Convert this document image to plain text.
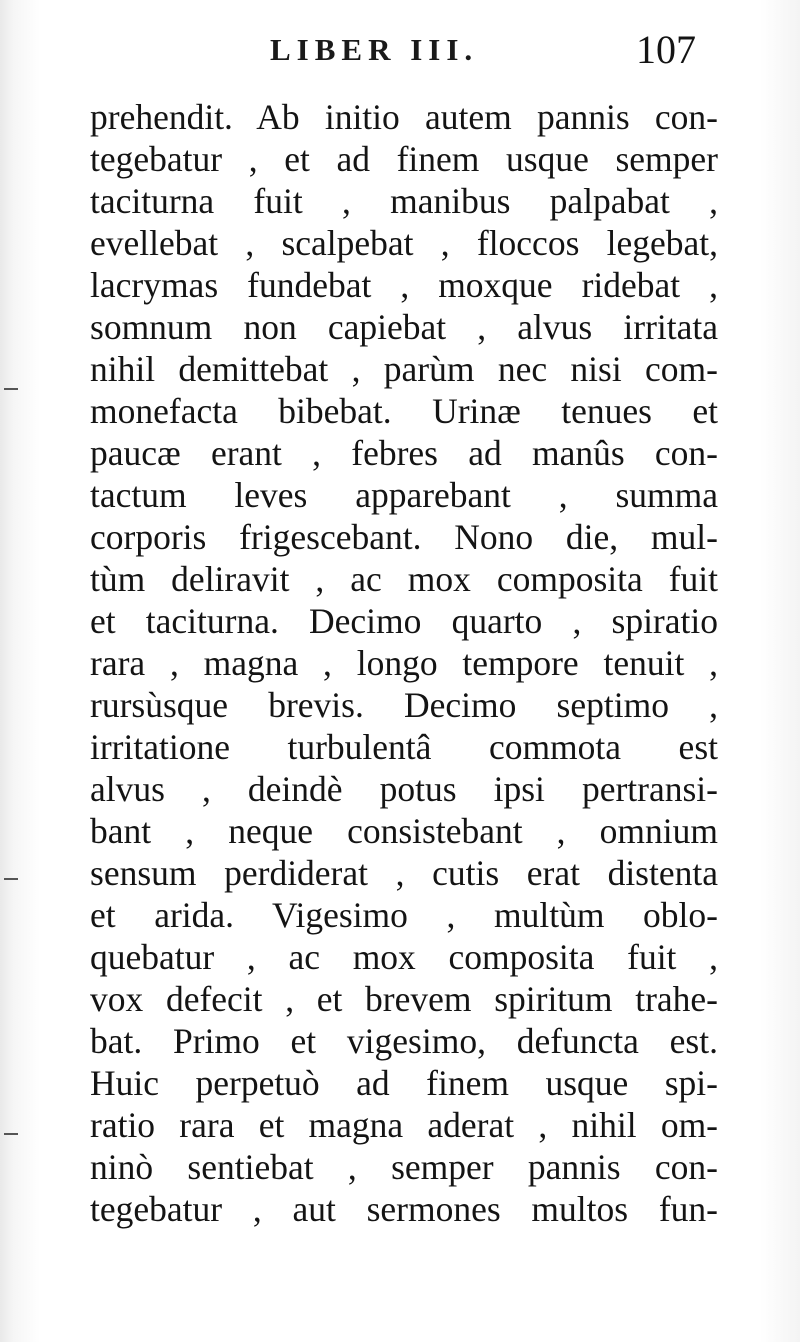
LIBER III.	107
prehendit. Ab initio autem pannis con-
tegebatur , et ad finem usque semper
taciturna fuit , manibus palpabat ,
evellebat , scalpebat , floccos legebat,
lacrymas fundebat , moxque ridebat ,
somnum non capiebat , alvus irritata
nihil demittebat , parùm nec nisi com-
monefacta bibebat. Urinæ tenues et
paucæ erant , febres ad manûs con-
tactum leves apparebant , summa
corporis frigescebant. Nono die, mul-
tùm deliravit , ac mox composita fuit
et taciturna. Decimo quarto , spiratio
rara , magna , longo tempore tenuit ,
rursùsque brevis. Decimo septimo ,
irritatione turbulentâ commota est
alvus , deindè potus ipsi pertransi-
bant , neque consistebant , omnium
sensum perdiderat , cutis erat distenta
et arida. Vigesimo , multùm oblo-
quebatur , ac mox composita fuit ,
vox defecit , et brevem spiritum trahe-
bat. Primo et vigesimo, defuncta est.
Huic perpetuò ad finem usque spi-
ratio rara et magna aderat , nihil om-
ninò sentiebat , semper pannis con-
tegebatur , aut sermones multos fun-
